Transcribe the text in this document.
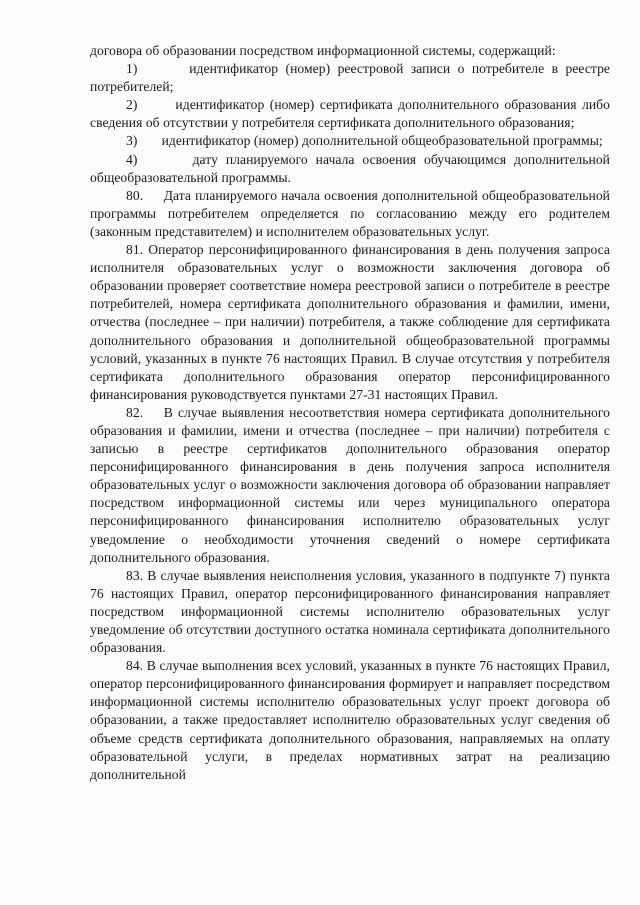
договора об образовании посредством информационной системы, содержащий:

1)       идентификатор (номер) реестровой записи о потребителе в реестре потребителей;

2)       идентификатор (номер) сертификата дополнительного образования либо сведения об отсутствии у потребителя сертификата дополнительного образования;

3)       идентификатор (номер) дополнительной общеобразовательной программы;

4)       дату планируемого начала освоения обучающимся дополнительной общеобразовательной программы.

80.     Дата планируемого начала освоения дополнительной общеобразовательной программы потребителем определяется по согласованию между его родителем (законным представителем) и исполнителем образовательных услуг.

81. Оператор персонифицированного финансирования в день получения запроса исполнителя образовательных услуг о возможности заключения договора об образовании проверяет соответствие номера реестровой записи о потребителе в реестре потребителей, номера сертификата дополнительного образования и фамилии, имени, отчества (последнее – при наличии) потребителя, а также соблюдение для сертификата дополнительного образования и дополнительной общеобразовательной программы условий, указанных в пункте 76 настоящих Правил. В случае отсутствия у потребителя сертификата дополнительного образования оператор персонифицированного финансирования руководствуется пунктами 27-31 настоящих Правил.

82.    В случае выявления несоответствия номера сертификата дополнительного образования и фамилии, имени и отчества (последнее – при наличии) потребителя с записью в реестре сертификатов дополнительного образования оператор персонифицированного финансирования в день получения запроса исполнителя образовательных услуг о возможности заключения договора об образовании направляет посредством информационной системы или через муниципального оператора персонифицированного финансирования исполнителю образовательных услуг уведомление о необходимости уточнения сведений о номере сертификата дополнительного образования.

83. В случае выявления неисполнения условия, указанного в подпункте 7) пункта 76 настоящих Правил, оператор персонифицированного финансирования направляет посредством информационной системы исполнителю образовательных услуг уведомление об отсутствии доступного остатка номинала сертификата дополнительного образования.

84. В случае выполнения всех условий, указанных в пункте 76 настоящих Правил, оператор персонифицированного финансирования формирует и направляет посредством информационной системы исполнителю образовательных услуг проект договора об образовании, а также предоставляет исполнителю образовательных услуг сведения об объеме средств сертификата дополнительного образования, направляемых на оплату образовательной услуги, в пределах нормативных затрат на реализацию дополнительной
